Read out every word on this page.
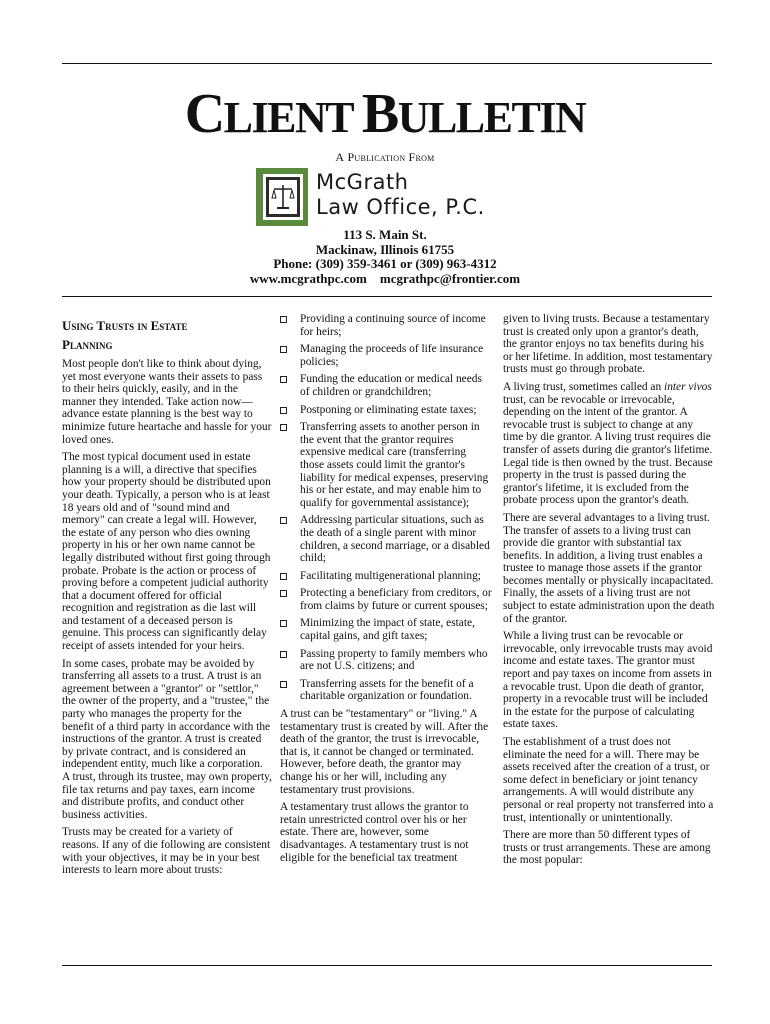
CLIENT BULLETIN
A Publication From
McGrath
Law Office, P.C.
113 S. Main St.
Mackinaw, Illinois 61755
Phone: (309) 359-3461 or (309) 963-4312
www.mcgrathpc.com mcgrathpc@frontier.com
Using Trusts in Estate
Planning

Most people don't like to think about dying, yet most everyone wants their assets to pass to their heirs quickly, easily, and in the manner they intended. Take action now—advance estate planning is the best way to minimize future heartache and hassle for your loved ones.

The most typical document used in estate planning is a will, a directive that specifies how your property should be distributed upon your death. Typically, a person who is at least 18 years old and of "sound mind and memory" can create a legal will. However, the estate of any person who dies owning property in his or her own name cannot be legally distributed without first going through probate. Probate is the action or process of proving before a competent judicial authority that a document offered for official recognition and registration as die last will and testament of a deceased person is genuine. This process can significantly delay receipt of assets intended for your heirs.

In some cases, probate may be avoided by transferring all assets to a trust. A trust is an agreement between a "grantor" or "settlor," the owner of the property, and a "trustee," the party who manages the property for the benefit of a third party in accordance with the instructions of the grantor. A trust is created by private contract, and is considered an independent entity, much like a corporation. A trust, through its trustee, may own property, file tax returns and pay taxes, earn income and distribute profits, and conduct other business activities.

Trusts may be created for a variety of reasons. If any of die following are consistent with your objectives, it may be in your best interests to learn more about trusts:

Providing a continuing source of income for heirs;
Managing the proceeds of life insurance policies;
Funding the education or medical needs of children or grandchildren;
Postponing or eliminating estate taxes;
Transferring assets to another person in the event that the grantor requires expensive medical care (transferring those assets could limit the grantor's liability for medical expenses, preserving his or her estate, and may enable him to qualify for governmental assistance);
Addressing particular situations, such as the death of a single parent with minor children, a second marriage, or a disabled child;
Facilitating multigenerational planning;
Protecting a beneficiary from creditors, or from claims by future or current spouses;
Minimizing the impact of state, estate, capital gains, and gift taxes;
Passing property to family members who are not U.S. citizens; and
Transferring assets for the benefit of a charitable organization or foundation.

A trust can be "testamentary" or "living." A testamentary trust is created by will. After the death of the grantor, the trust is irrevocable, that is, it cannot be changed or terminated. However, before death, the grantor may change his or her will, including any testamentary trust provisions.

A testamentary trust allows the grantor to retain unrestricted control over his or her estate. There are, however, some disadvantages. A testamentary trust is not eligible for the beneficial tax treatment

given to living trusts. Because a testamentary trust is created only upon a grantor's death, the grantor enjoys no tax benefits during his or her lifetime. In addition, most testamentary trusts must go through probate.

A living trust, sometimes called an inter vivos trust, can be revocable or irrevocable, depending on the intent of the grantor. A revocable trust is subject to change at any time by die grantor. A living trust requires die transfer of assets during die grantor's lifetime. Legal tide is then owned by the trust. Because property in the trust is passed during the grantor's lifetime, it is excluded from the probate process upon the grantor's death.

There are several advantages to a living trust. The transfer of assets to a living trust can provide die grantor with substantial tax benefits. In addition, a living trust enables a trustee to manage those assets if the grantor becomes mentally or physically incapacitated. Finally, the assets of a living trust are not subject to estate administration upon the death of the grantor.

While a living trust can be revocable or irrevocable, only irrevocable trusts may avoid income and estate taxes. The grantor must report and pay taxes on income from assets in a revocable trust. Upon die death of grantor, property in a revocable trust will be included in the estate for the purpose of calculating estate taxes.

The establishment of a trust does not eliminate the need for a will. There may be assets received after the creation of a trust, or some defect in beneficiary or joint tenancy arrangements. A will would distribute any personal or real property not transferred into a trust, intentionally or unintentionally.

There are more than 50 different types of trusts or trust arrangements. These are among the most popular:
